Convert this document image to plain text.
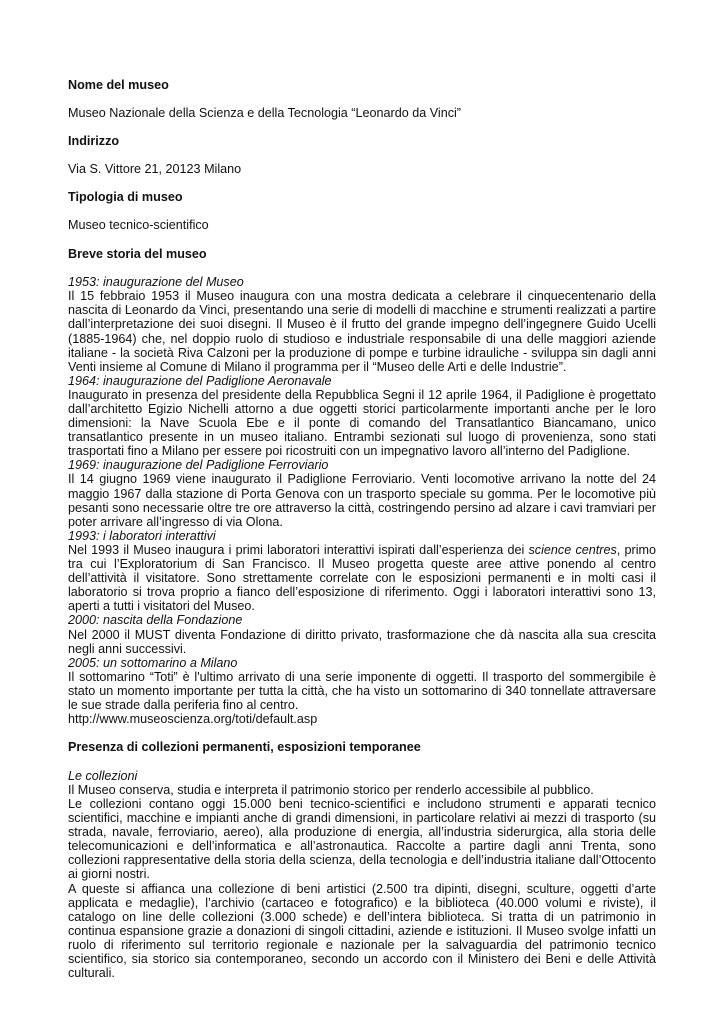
Nome del museo

Museo Nazionale della Scienza e della Tecnologia “Leonardo da Vinci”

Indirizzo

Via S. Vittore 21, 20123 Milano

Tipologia di museo

Museo tecnico-scientifico

Breve storia del museo

1953: inaugurazione del Museo

Il 15 febbraio 1953 il Museo inaugura con una mostra dedicata a celebrare il cinquecentenario della nascita di Leonardo da Vinci, presentando una serie di modelli di macchine e strumenti realizzati a partire dall’interpretazione dei suoi disegni. Il Museo è il frutto del grande impegno dell’ingegnere Guido Ucelli (1885-1964) che, nel doppio ruolo di studioso e industriale responsabile di una delle maggiori aziende italiane - la società Riva Calzoni per la produzione di pompe e turbine idrauliche - sviluppa sin dagli anni Venti insieme al Comune di Milano il programma per il “Museo delle Arti e delle Industrie”.

1964: inaugurazione del Padiglione Aeronavale

Inaugurato in presenza del presidente della Repubblica Segni il 12 aprile 1964, il Padiglione è progettato dall’architetto Egizio Nichelli attorno a due oggetti storici particolarmente importanti anche per le loro dimensioni: la Nave Scuola Ebe e il ponte di comando del Transatlantico Biancamano, unico transatlantico presente in un museo italiano. Entrambi sezionati sul luogo di provenienza, sono stati trasportati fino a Milano per essere poi ricostruiti con un impegnativo lavoro all’interno del Padiglione.

1969: inaugurazione del Padiglione Ferroviario

Il 14 giugno 1969 viene inaugurato il Padiglione Ferroviario. Venti locomotive arrivano la notte del 24 maggio 1967 dalla stazione di Porta Genova con un trasporto speciale su gomma. Per le locomotive più pesanti sono necessarie oltre tre ore attraverso la città, costringendo persino ad alzare i cavi tramviari per poter arrivare all’ingresso di via Olona.

1993: i laboratori interattivi

Nel 1993 il Museo inaugura i primi laboratori interattivi ispirati dall’esperienza dei science centres, primo tra cui l’Exploratorium di San Francisco. Il Museo progetta queste aree attive ponendo al centro dell’attività il visitatore. Sono strettamente correlate con le esposizioni permanenti e in molti casi il laboratorio si trova proprio a fianco dell’esposizione di riferimento. Oggi i laboratori interattivi sono 13, aperti a tutti i visitatori del Museo.

2000: nascita della Fondazione

Nel 2000 il MUST diventa Fondazione di diritto privato, trasformazione che dà nascita alla sua crescita negli anni successivi.

2005: un sottomarino a Milano

Il sottomarino “Toti” è l'ultimo arrivato di una serie imponente di oggetti. Il trasporto del sommergibile è stato un momento importante per tutta la città, che ha visto un sottomarino di 340 tonnellate attraversare le sue strade dalla periferia fino al centro.

http://www.museoscienza.org/toti/default.asp

Presenza di collezioni permanenti, esposizioni temporanee

Le collezioni

Il Museo conserva, studia e interpreta il patrimonio storico per renderlo accessibile al pubblico.

Le collezioni contano oggi 15.000 beni tecnico-scientifici e includono strumenti e apparati tecnico scientifici, macchine e impianti anche di grandi dimensioni, in particolare relativi ai mezzi di trasporto (su strada, navale, ferroviario, aereo), alla produzione di energia, all’industria siderurgica, alla storia delle telecomunicazioni e dell’informatica e all’astronautica. Raccolte a partire dagli anni Trenta, sono collezioni rappresentative della storia della scienza, della tecnologia e dell’industria italiane dall’Ottocento ai giorni nostri.

A queste si affianca una collezione di beni artistici (2.500 tra dipinti, disegni, sculture, oggetti d’arte applicata e medaglie), l’archivio (cartaceo e fotografico) e la biblioteca (40.000 volumi e riviste), il catalogo on line delle collezioni (3.000 schede) e dell’intera biblioteca. Si tratta di un patrimonio in continua espansione grazie a donazioni di singoli cittadini, aziende e istituzioni. Il Museo svolge infatti un ruolo di riferimento sul territorio regionale e nazionale per la salvaguardia del patrimonio tecnico scientifico, sia storico sia contemporaneo, secondo un accordo con il Ministero dei Beni e delle Attività culturali.
